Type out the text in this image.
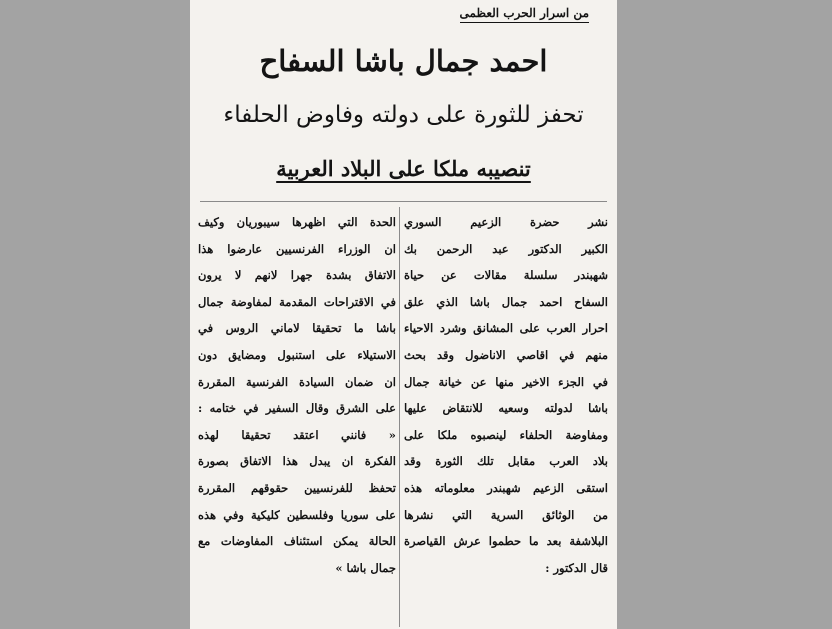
من اسرار الحرب العظمى
احمد جمال باشا السفاح
تحفز للثورة على دولته وفاوض الحلفاء
تنصيبه ملكا على البلاد العربية
نشر حضرة الزعيم السوري
الكبير الدكتور عبد الرحمن بك
شهبندر سلسلة مقالات عن حياة
السفاح احمد جمال باشا الذي علق
احرار العرب على المشانق وشرد الاحياء
منهم في اقاصي الاناضول وقد بحث
في الجزء الاخير منها عن خيانة جمال
باشا لدولته وسعيه للانتقاض عليها
ومفاوضة الحلفاء لينصبوه ملكا على
بلاد العرب مقابل تلك الثورة وقد
استقى الزعيم شهبندر معلوماته هذه
من الوثائق السرية التي نشرها
البلاشفة بعد ما حطموا عرش القياصرة
قال الدكتور :
الحدة التي اظهرها سيبوريان وكيف
ان الوزراء الفرنسيين عارضوا هذا
الاتفاق بشدة جهرا لانهم لا يرون
في الاقتراحات المقدمة لمفاوضة جمال
باشا ما تحقيقا لاماني الروس في
الاستيلاء على استنبول ومضايق دون
ان ضمان السيادة الفرنسية المقررة
على الشرق وقال السفير في ختامه :
« فانني اعتقد تحقيقا لهذه
الفكرة ان يبدل هذا الاتفاق بصورة
تحفظ للفرنسيين حقوقهم المقررة
على سوريا وفلسطين كليكية وفي هذه
الحالة يمكن استئناف المفاوضات مع
جمال باشا »
